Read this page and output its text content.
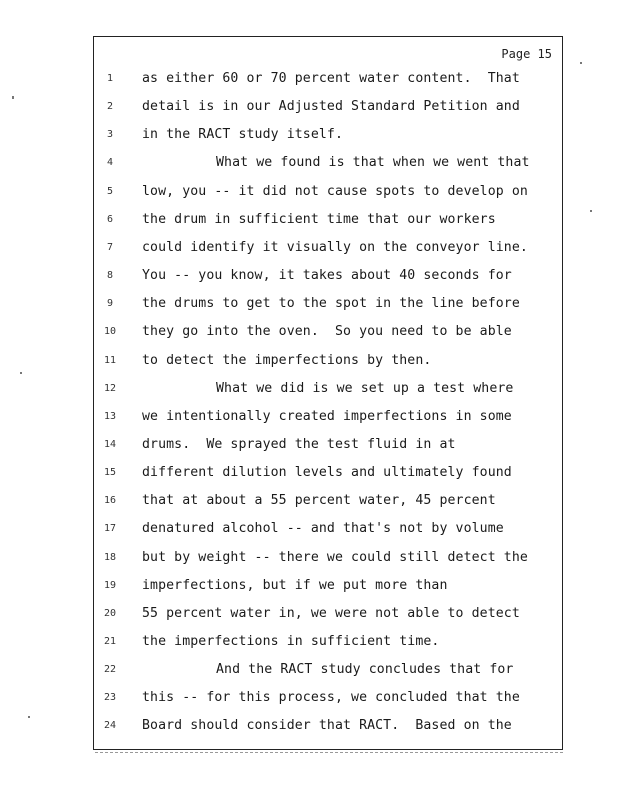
Page 15
1	as either 60 or 70 percent water content.  That
2	detail is in our Adjusted Standard Petition and
3	in the RACT study itself.
4	What we found is that when we went that
5	low, you -- it did not cause spots to develop on
6	the drum in sufficient time that our workers
7	could identify it visually on the conveyor line.
8	You -- you know, it takes about 40 seconds for
9	the drums to get to the spot in the line before
10	they go into the oven.  So you need to be able
11	to detect the imperfections by then.
12	What we did is we set up a test where
13	we intentionally created imperfections in some
14	drums.  We sprayed the test fluid in at
15	different dilution levels and ultimately found
16	that at about a 55 percent water, 45 percent
17	denatured alcohol -- and that's not by volume
18	but by weight -- there we could still detect the
19	imperfections, but if we put more than
20	55 percent water in, we were not able to detect
21	the imperfections in sufficient time.
22	And the RACT study concludes that for
23	this -- for this process, we concluded that the
24	Board should consider that RACT.  Based on the
